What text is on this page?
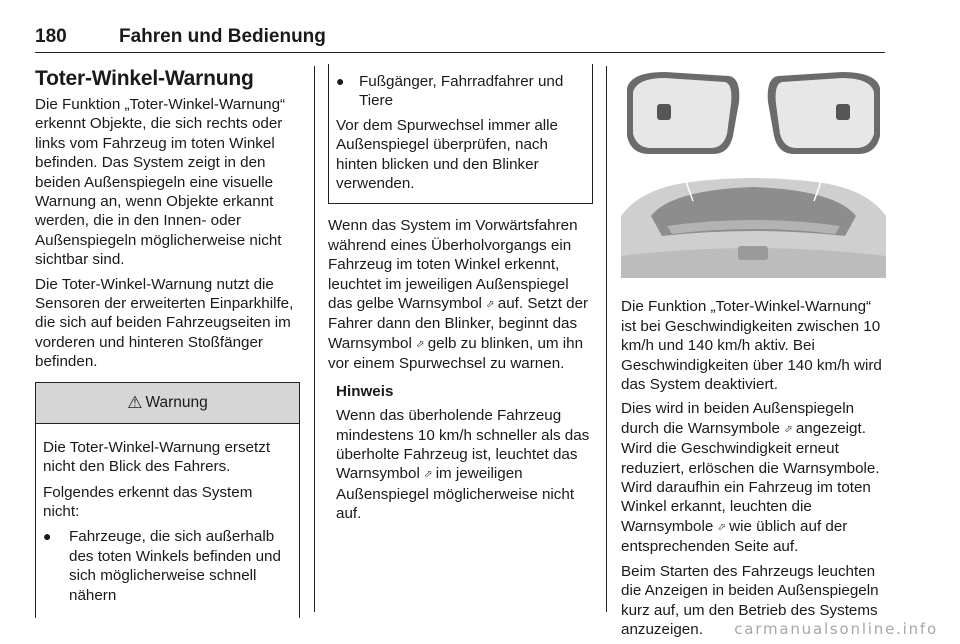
180	Fahren und Bedienung
Toter-Winkel-Warnung

Die Funktion „Toter-Winkel-Warnung“ erkennt Objekte, die sich rechts oder links vom Fahrzeug im toten Winkel befinden. Das System zeigt in den beiden Außenspiegeln eine visuelle Warnung an, wenn Objekte erkannt werden, die in den Innen- oder Außenspiegeln möglicherweise nicht sichtbar sind.

Die Toter-Winkel-Warnung nutzt die Sensoren der erweiterten Einparkhilfe, die sich auf beiden Fahrzeugseiten im vorderen und hinteren Stoßfänger befinden.

⚠ Warnung

Die Toter-Winkel-Warnung ersetzt nicht den Blick des Fahrers.

Folgendes erkennt das System nicht:

● Fahrzeuge, die sich außerhalb des toten Winkels befinden und sich möglicherweise schnell nähern
● Fußgänger, Fahrradfahrer und Tiere

Vor dem Spurwechsel immer alle Außenspiegel überprüfen, nach hinten blicken und den Blinker verwenden.

Wenn das System im Vorwärtsfahren während eines Überholvorgangs ein Fahrzeug im toten Winkel erkennt, leuchtet im jeweiligen Außenspiegel das gelbe Warnsymbol ⬀ auf. Setzt der Fahrer dann den Blinker, beginnt das Warnsymbol ⬀ gelb zu blinken, um ihn vor einem Spurwechsel zu warnen.

Hinweis

Wenn das überholende Fahrzeug mindestens 10 km/h schneller als das überholte Fahrzeug ist, leuchtet das Warnsymbol ⬀ im jeweiligen Außenspiegel möglicherweise nicht auf.

Die Funktion „Toter-Winkel-Warnung“ ist bei Geschwindigkeiten zwischen 10 km/h und 140 km/h aktiv. Bei Geschwindigkeiten über 140 km/h wird das System deaktiviert.

Dies wird in beiden Außenspiegeln durch die Warnsymbole ⬀ angezeigt. Wird die Geschwindigkeit erneut reduziert, erlöschen die Warnsymbole. Wird daraufhin ein Fahrzeug im toten Winkel erkannt, leuchten die Warnsymbole ⬀ wie üblich auf der entsprechenden Seite auf.

Beim Starten des Fahrzeugs leuchten die Anzeigen in beiden Außenspiegeln kurz auf, um den Betrieb des Systems anzuzeigen.	carmanualsonline.info
